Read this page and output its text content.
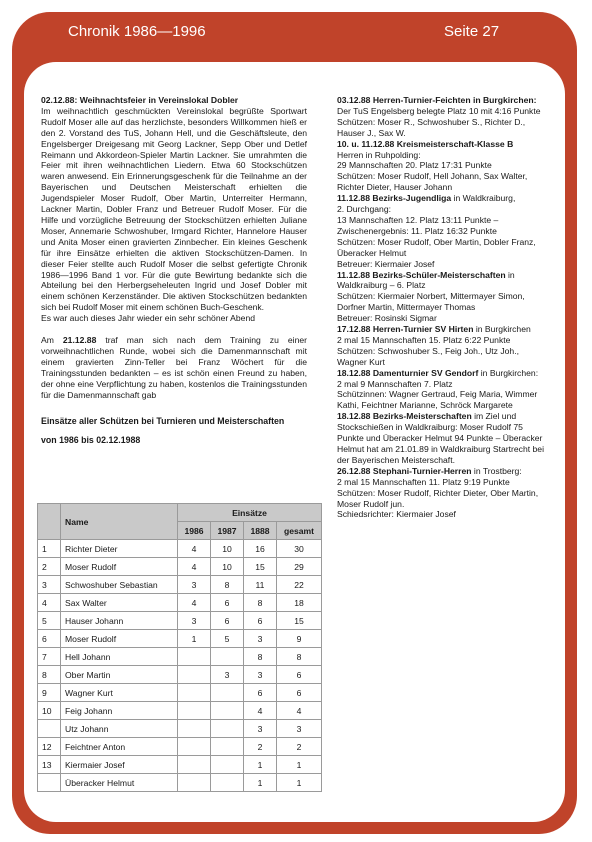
Chronik 1986—1996	Seite 27

02.12.88: Weihnachtsfeier in Vereinslokal Dobler
Im weihnachtlich geschmückten Vereinslokal begrüßte Sportwart Rudolf Moser alle auf das herzlichste, besonders Willkommen hieß er den 2. Vorstand des TuS, Johann Hell, und die Geschäftsleute, den Engelsberger Dreigesang mit Georg Lackner, Sepp Ober und Detlef Reimann und Akkordeon-Spieler Martin Lackner. Sie umrahmten die Feier mit ihren weihnachtlichen Liedern. Etwa 60 Stockschützen waren anwesend. Ein Erinnerungsgeschenk für die Teilnahme an der Bayerischen und Deutschen Meisterschaft erhielten die Jugendspieler Moser Rudolf, Ober Martin, Unterreiter Hermann, Lackner Martin, Dobler Franz und Betreuer Rudolf Moser. Für die Hilfe und vorzügliche Betreuung der Stockschützen erhielten Juliane Moser, Annemarie Schwoshuber, Irmgard Richter, Hannelore Hauser und Anita Moser einen gravierten Zinnbecher. Ein kleines Geschenk für ihre Einsätze erhielten die aktiven Stockschützen-Damen. In dieser Feier stellte auch Rudolf Moser die selbst gefertigte Chronik 1986—1996 Band 1 vor. Für die gute Bewirtung bedankte sich die Abteilung bei den Herbergseheleuten Ingrid und Josef Dobler mit einem schönen Kerzenständer. Die aktiven Stockschützen bedankten sich bei Rudolf Moser mit einem schönen Buch-Geschenk.
Es war auch dieses Jahr wieder ein sehr schöner Abend

Am 21.12.88 traf man sich nach dem Training zu einer vorweihnachtlichen Runde, wobei sich die Damenmannschaft mit einem gravierten Zinn-Teller bei Franz Wöchert für die Trainingsstunden bedankten – es ist schön einen Freund zu haben, der ohne eine Verpflichtung zu haben, kostenlos die Trainingsstunden für die Damenmannschaft gab

Einsätze aller Schützen bei Turnieren und Meisterschaften
von 1986 bis 02.12.1988
	Name	Einsätze			
		1986	1987	1888	gesamt
1	Richter Dieter	4	10	16	30
2	Moser Rudolf	4	10	15	29
3	Schwoshuber Sebastian	3	8	11	22
4	Sax Walter	4	6	8	18
5	Hauser Johann	3	6	6	15
6	Moser Rudolf	1	5	3	9
7	Hell Johann			8	8
8	Ober Martin		3	3	6
9	Wagner Kurt			6	6
10	Feig Johann			4	4
	Utz Johann			3	3
12	Feichtner Anton			2	2
13	Kiermaier Josef			1	1
	Überacker Helmut			1	1

03.12.88 Herren-Turnier-Feichten in Burgkirchen:
Der TuS Engelsberg belegte Platz 10 mit 4:16 Punkte
Schützen: Moser R., Schwoshuber S., Richter D., Hauser J., Sax W.

10. u. 11.12.88 Kreismeisterschaft-Klasse B
Herren in Ruhpolding:
29 Mannschaften 20. Platz 17:31 Punkte
Schützen: Moser Rudolf, Hell Johann, Sax Walter, Richter Dieter, Hauser Johann

11.12.88 Bezirks-Jugendliga in Waldkraiburg,
2. Durchgang:
13 Mannschaften 12. Platz 13:11 Punkte – Zwischenergebnis: 11. Platz 16:32 Punkte
Schützen: Moser Rudolf, Ober Martin, Dobler Franz, Überacker Helmut
Betreuer: Kiermaier Josef

11.12.88 Bezirks-Schüler-Meisterschaften in
Waldkraiburg – 6. Platz
Schützen: Kiermaier Norbert, Mittermayer Simon, Dorfner Martin, Mittermayer Thomas
Betreuer: Rosinski Sigmar

17.12.88 Herren-Turnier SV Hirten in Burgkirchen
2 mal 15 Mannschaften 15. Platz 6:22 Punkte
Schützen: Schwoshuber S., Feig Joh., Utz Joh., Wagner Kurt

18.12.88 Damenturnier SV Gendorf in Burgkirchen:
2 mal 9 Mannschaften 7. Platz
Schützinnen: Wagner Gertraud, Feig Maria, Wimmer Kathi, Feichtner Marianne, Schröck Margarete

18.12.88 Bezirks-Meisterschaften im Ziel und Stockschießen in Waldkraiburg: Moser Rudolf 75 Punkte und Überacker Helmut 94 Punkte – Überacker Helmut hat am 21.01.89 in Waldkraiburg Startrecht bei der Bayerischen Meisterschaft.

26.12.88 Stephani-Turnier-Herren in Trostberg:
2 mal 15 Mannschaften 11. Platz 9:19 Punkte
Schützen: Moser Rudolf, Richter Dieter, Ober Martin, Moser Rudolf jun.
Schiedsrichter: Kiermaier Josef
